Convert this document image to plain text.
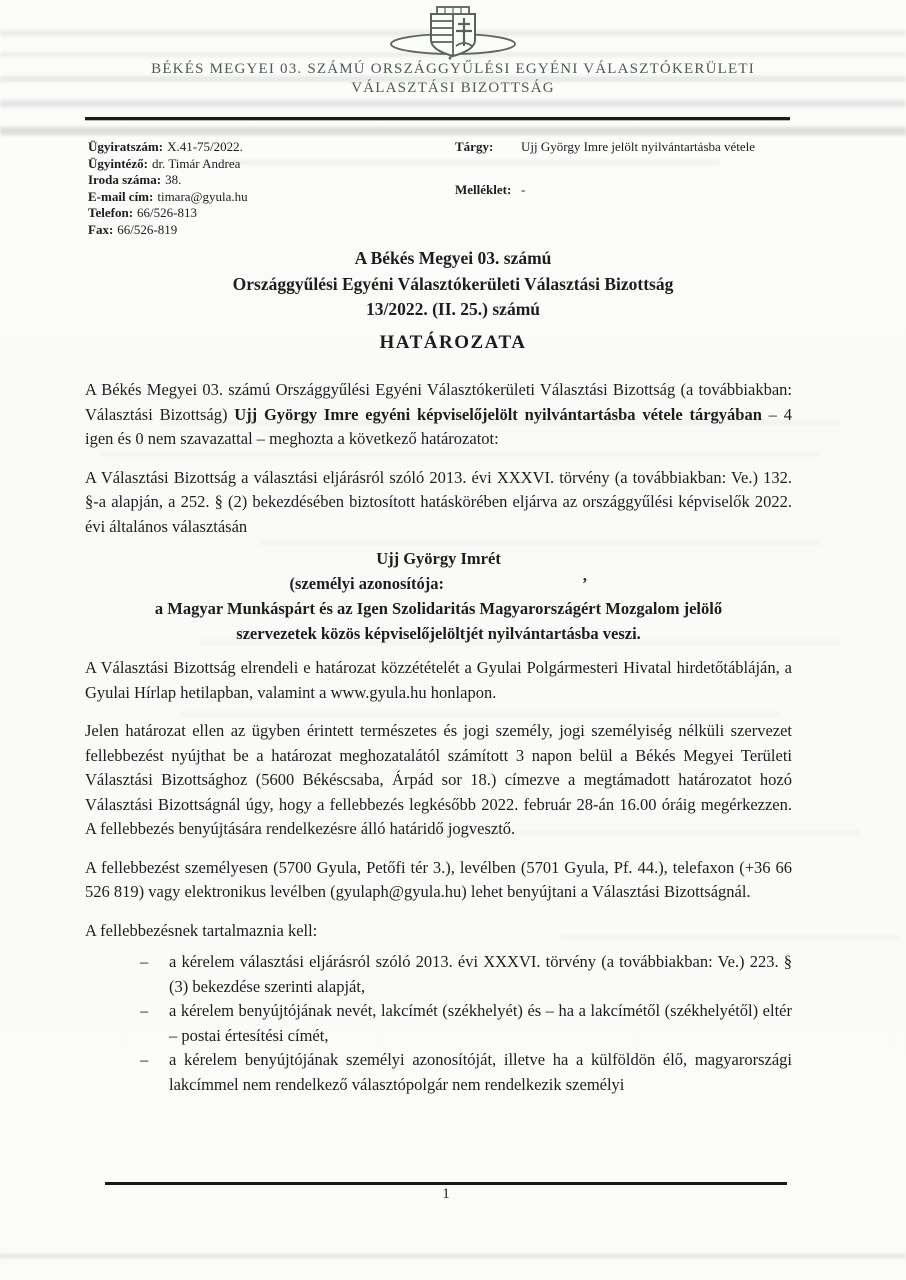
BÉKÉS MEGYEI 03. SZÁMÚ ORSZÁGGYŰLÉSI EGYÉNI VÁLASZTÓKERÜLETI
VÁLASZTÁSI BIZOTTSÁG
Ügyiratszám: X.41-75/2022.
Ügyintéző: dr. Timár Andrea
Iroda száma: 38.
E-mail cím: timara@gyula.hu
Telefon: 66/526-813
Fax: 66/526-819
Tárgy:	Ujj György Imre jelölt nyilvántartásba vétele
Melléklet: -
A Békés Megyei 03. számú
Országgyűlési Egyéni Választókerületi Választási Bizottság
13/2022. (II. 25.) számú
HATÁROZATA

A Békés Megyei 03. számú Országgyűlési Egyéni Választókerületi Választási Bizottság (a továbbiakban: Választási Bizottság) Ujj György Imre egyéni képviselőjelölt nyilvántartásba vétele tárgyában – 4 igen és 0 nem szavazattal – meghozta a következő határozatot:

A Választási Bizottság a választási eljárásról szóló 2013. évi XXXVI. törvény (a továbbiakban: Ve.) 132. §-a alapján, a 252. § (2) bekezdésében biztosított hatáskörében eljárva az országgyűlési képviselők 2022. évi általános választásán

Ujj György Imrét
(személyi azonosítója:	’
a Magyar Munkáspárt és az Igen Szolidaritás Magyarországért Mozgalom jelölő
szervezetek közös képviselőjelöltjét nyilvántartásba veszi.

A Választási Bizottság elrendeli e határozat közzétételét a Gyulai Polgármesteri Hivatal hirdetőtábláján, a Gyulai Hírlap hetilapban, valamint a www.gyula.hu honlapon.

Jelen határozat ellen az ügyben érintett természetes és jogi személy, jogi személyiség nélküli szervezet fellebbezést nyújthat be a határozat meghozatalától számított 3 napon belül a Békés Megyei Területi Választási Bizottsághoz (5600 Békéscsaba, Árpád sor 18.) címezve a megtámadott határozatot hozó Választási Bizottságnál úgy, hogy a fellebbezés legkésőbb 2022. február 28-án 16.00 óráig megérkezzen. A fellebbezés benyújtására rendelkezésre álló határidő jogvesztő.

A fellebbezést személyesen (5700 Gyula, Petőfi tér 3.), levélben (5701 Gyula, Pf. 44.), telefaxon (+36 66 526 819) vagy elektronikus levélben (gyulaph@gyula.hu) lehet benyújtani a Választási Bizottságnál.

A fellebbezésnek tartalmaznia kell:

–	a kérelem választási eljárásról szóló 2013. évi XXXVI. törvény (a továbbiakban: Ve.) 223. § (3) bekezdése szerinti alapját,
–	a kérelem benyújtójának nevét, lakcímét (székhelyét) és – ha a lakcímétől (székhelyétől) eltér – postai értesítési címét,
–	a kérelem benyújtójának személyi azonosítóját, illetve ha a külföldön élő, magyarországi lakcímmel nem rendelkező választópolgár nem rendelkezik személyi
1
